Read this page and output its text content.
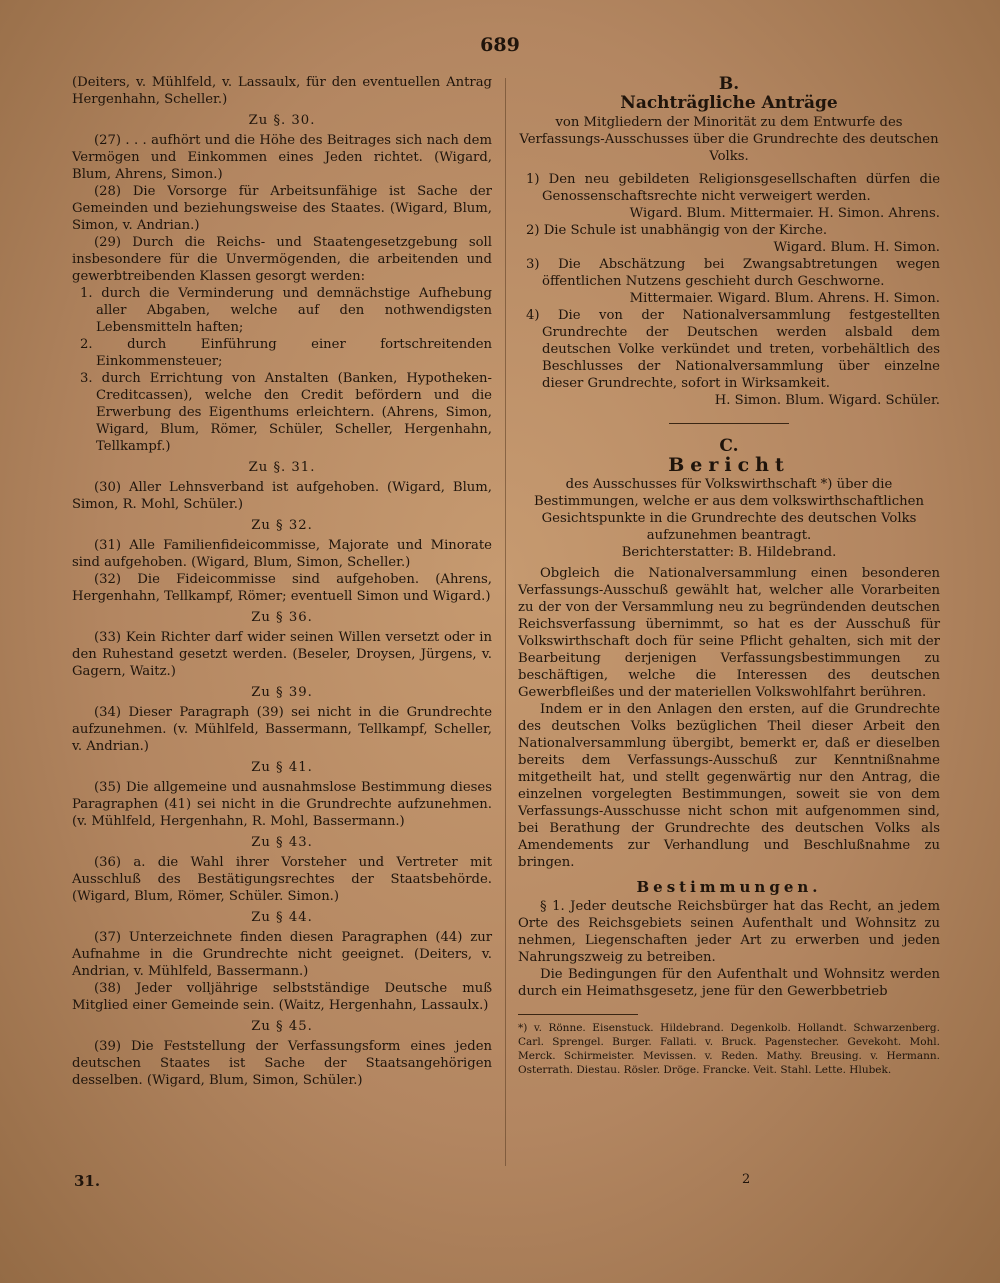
689

(Deiters, v. Mühlfeld, v. Lassaulx, für den eventuellen Antrag Hergenhahn, Scheller.)

Zu §. 30.

(27) . . . aufhört und die Höhe des Beitrages sich nach dem Vermögen und Einkommen eines Jeden richtet. (Wigard, Blum, Ahrens, Simon.)

(28) Die Vorsorge für Arbeitsunfähige ist Sache der Gemeinden und beziehungsweise des Staates. (Wigard, Blum, Simon, v. Andrian.)

(29) Durch die Reichs- und Staatengesetzgebung soll insbesondere für die Unvermögenden, die arbeitenden und gewerbtreibenden Klassen gesorgt werden:

1. durch die Verminderung und demnächstige Aufhebung aller Abgaben, welche auf den nothwendigsten Lebensmitteln haften;

2. durch Einführung einer fortschreitenden Einkommensteuer;

3. durch Errichtung von Anstalten (Banken, Hypotheken-Creditcassen), welche den Credit befördern und die Erwerbung des Eigenthums erleichtern. (Ahrens, Simon, Wigard, Blum, Römer, Schüler, Scheller, Hergenhahn, Tellkampf.)

Zu §. 31.

(30) Aller Lehnsverband ist aufgehoben. (Wigard, Blum, Simon, R. Mohl, Schüler.)

Zu § 32.

(31) Alle Familienfideicommisse, Majorate und Minorate sind aufgehoben. (Wigard, Blum, Simon, Scheller.)

(32) Die Fideicommisse sind aufgehoben. (Ahrens, Hergenhahn, Tellkampf, Römer; eventuell Simon und Wigard.)

Zu § 36.

(33) Kein Richter darf wider seinen Willen versetzt oder in den Ruhestand gesetzt werden. (Beseler, Droysen, Jürgens, v. Gagern, Waitz.)

Zu § 39.

(34) Dieser Paragraph (39) sei nicht in die Grundrechte aufzunehmen. (v. Mühlfeld, Bassermann, Tellkampf, Scheller, v. Andrian.)

Zu § 41.

(35) Die allgemeine und ausnahmslose Bestimmung dieses Paragraphen (41) sei nicht in die Grundrechte aufzunehmen. (v. Mühlfeld, Hergenhahn, R. Mohl, Bassermann.)

Zu § 43.

(36) a. die Wahl ihrer Vorsteher und Vertreter mit Ausschluß des Bestätigungsrechtes der Staatsbehörde. (Wigard, Blum, Römer, Schüler. Simon.)

Zu § 44.

(37) Unterzeichnete finden diesen Paragraphen (44) zur Aufnahme in die Grundrechte nicht geeignet. (Deiters, v. Andrian, v. Mühlfeld, Bassermann.)

(38) Jeder volljährige selbstständige Deutsche muß Mitglied einer Gemeinde sein. (Waitz, Hergenhahn, Lassaulx.)

Zu § 45.

(39) Die Feststellung der Verfassungsform eines jeden deutschen Staates ist Sache der Staatsangehörigen desselben. (Wigard, Blum, Simon, Schüler.)

B.

Nachträgliche Anträge

von Mitgliedern der Minorität zu dem Entwurfe des Verfassungs-Ausschusses über die Grundrechte des deutschen Volks.

1) Den neu gebildeten Religionsgesellschaften dürfen die Genossenschaftsrechte nicht verweigert werden.

Wigard. Blum. Mittermaier. H. Simon. Ahrens.

2) Die Schule ist unabhängig von der Kirche.

Wigard. Blum. H. Simon.

3) Die Abschätzung bei Zwangsabtretungen wegen öffentlichen Nutzens geschieht durch Geschworne.

Mittermaier. Wigard. Blum. Ahrens. H. Simon.

4) Die von der Nationalversammlung festgestellten Grundrechte der Deutschen werden alsbald dem deutschen Volke verkündet und treten, vorbehältlich des Beschlusses der Nationalversammlung über einzelne dieser Grundrechte, sofort in Wirksamkeit.

H. Simon. Blum. Wigard. Schüler.

C.

Bericht

des Ausschusses für Volkswirthschaft *) über die Bestimmungen, welche er aus dem volkswirthschaftlichen Gesichtspunkte in die Grundrechte des deutschen Volks aufzunehmen beantragt.

Berichterstatter: B. Hildebrand.

Obgleich die Nationalversammlung einen besonderen Verfassungs-Ausschuß gewählt hat, welcher alle Vorarbeiten zu der von der Versammlung neu zu begründenden deutschen Reichsverfassung übernimmt, so hat es der Ausschuß für Volkswirthschaft doch für seine Pflicht gehalten, sich mit der Bearbeitung derjenigen Verfassungsbestimmungen zu beschäftigen, welche die Interessen des deutschen Gewerbfleißes und der materiellen Volkswohlfahrt berühren.

Indem er in den Anlagen den ersten, auf die Grundrechte des deutschen Volks bezüglichen Theil dieser Arbeit den Nationalversammlung übergibt, bemerkt er, daß er dieselben bereits dem Verfassungs-Ausschuß zur Kenntnißnahme mitgetheilt hat, und stellt gegenwärtig nur den Antrag, die einzelnen vorgelegten Bestimmungen, soweit sie von dem Verfassungs-Ausschusse nicht schon mit aufgenommen sind, bei Berathung der Grundrechte des deutschen Volks als Amendements zur Verhandlung und Beschlußnahme zu bringen.

Bestimmungen.

§ 1. Jeder deutsche Reichsbürger hat das Recht, an jedem Orte des Reichsgebiets seinen Aufenthalt und Wohnsitz zu nehmen, Liegenschaften jeder Art zu erwerben und jeden Nahrungszweig zu betreiben.

Die Bedingungen für den Aufenthalt und Wohnsitz werden durch ein Heimathsgesetz, jene für den Gewerbbetrieb

*) v. Rönne. Eisenstuck. Hildebrand. Degenkolb. Hollandt. Schwarzenberg. Carl. Sprengel. Burger. Fallati. v. Bruck. Pagenstecher. Gevekoht. Mohl. Merck. Schirmeister. Mevissen. v. Reden. Mathy. Breusing. v. Hermann. Osterrath. Diestau. Rösler. Dröge. Francke. Veit. Stahl. Lette. Hlubek.

31.	2
